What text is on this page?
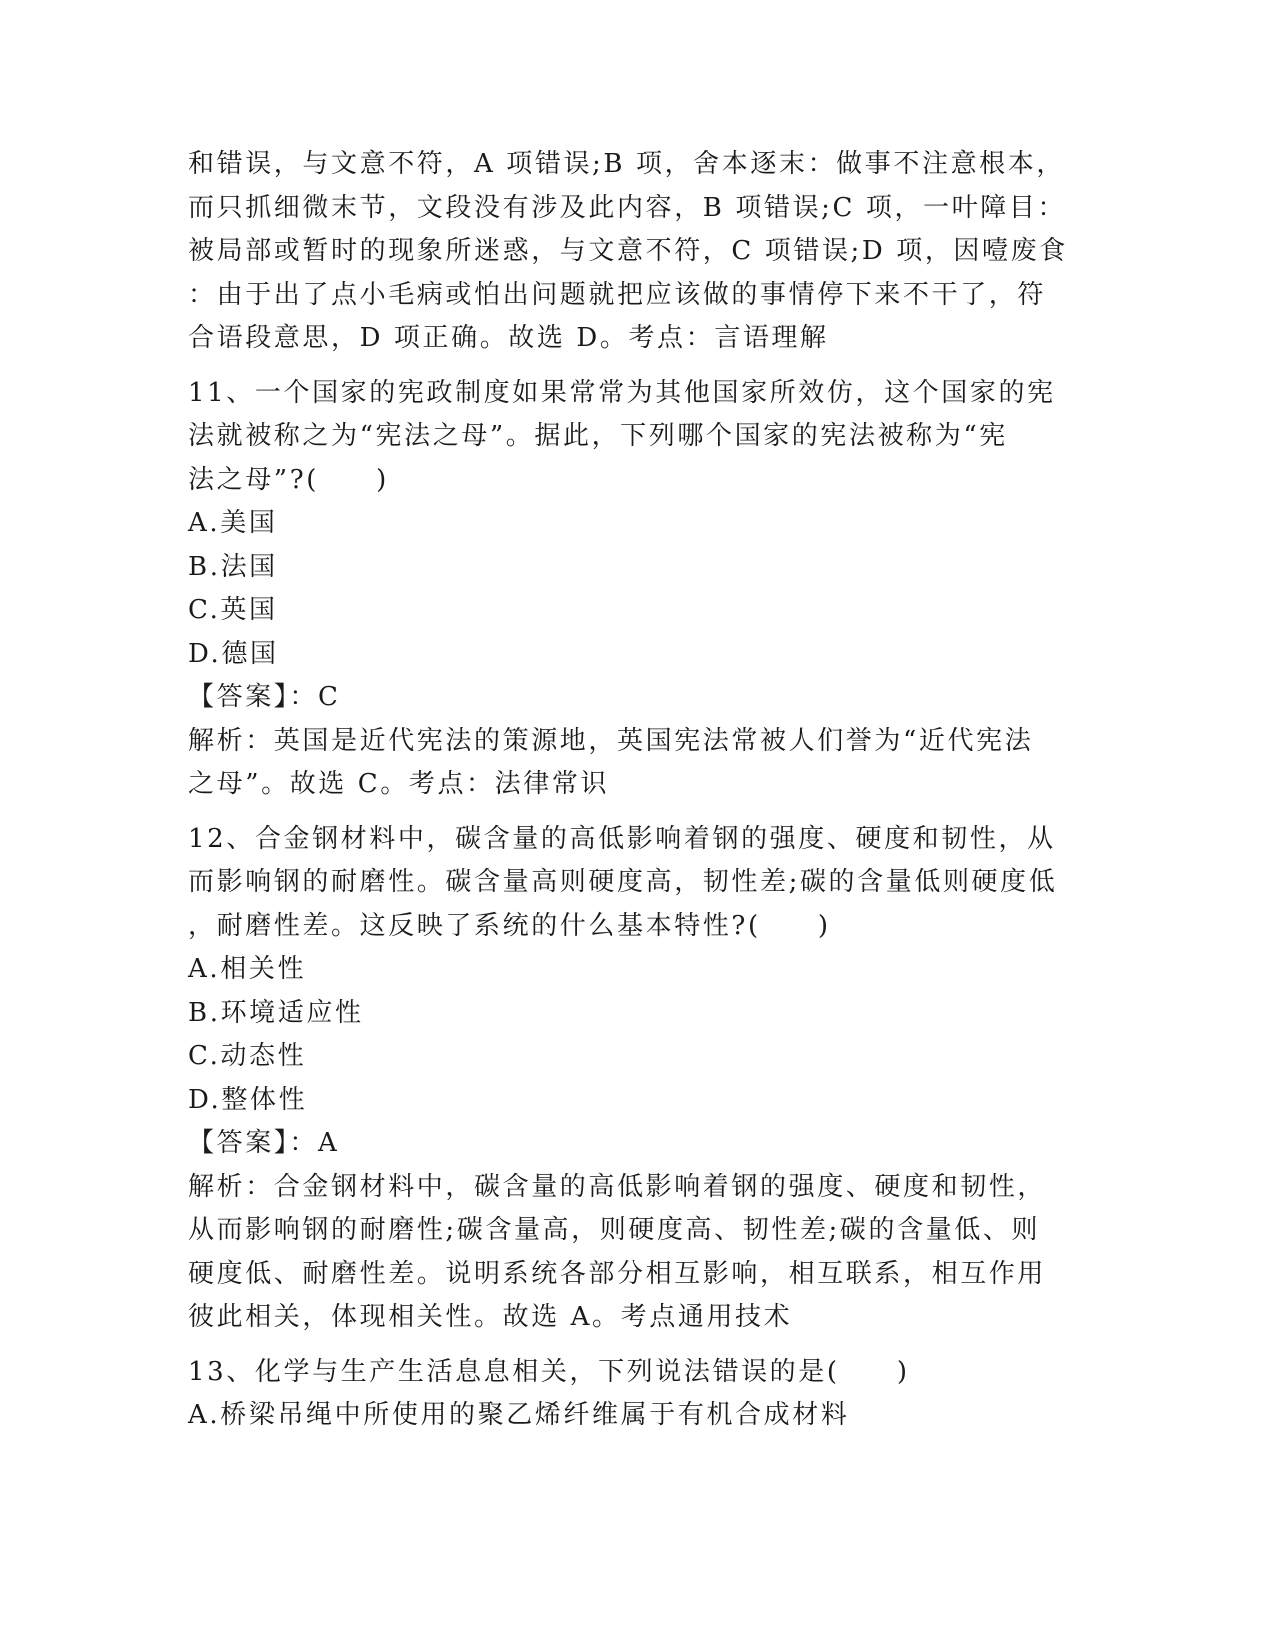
和错误，与文意不符，A 项错误;B 项，舍本逐末：做事不注意根本，
而只抓细微末节，文段没有涉及此内容，B 项错误;C 项，一叶障目：
被局部或暂时的现象所迷惑，与文意不符，C 项错误;D 项，因噎废食
：由于出了点小毛病或怕出问题就把应该做的事情停下来不干了，符
合语段意思，D 项正确。故选 D。考点：言语理解
11、一个国家的宪政制度如果常常为其他国家所效仿，这个国家的宪
法就被称之为“宪法之母”。据此，下列哪个国家的宪法被称为“宪
法之母”?(　　)
A.美国
B.法国
C.英国
D.德国
【答案】：C
解析：英国是近代宪法的策源地，英国宪法常被人们誉为“近代宪法
之母”。故选 C。考点：法律常识
12、合金钢材料中，碳含量的高低影响着钢的强度、硬度和韧性，从
而影响钢的耐磨性。碳含量高则硬度高，韧性差;碳的含量低则硬度低
，耐磨性差。这反映了系统的什么基本特性?(　　)
A.相关性
B.环境适应性
C.动态性
D.整体性
【答案】：A
解析：合金钢材料中，碳含量的高低影响着钢的强度、硬度和韧性，
从而影响钢的耐磨性;碳含量高，则硬度高、韧性差;碳的含量低、则
硬度低、耐磨性差。说明系统各部分相互影响，相互联系，相互作用
彼此相关，体现相关性。故选 A。考点通用技术
13、化学与生产生活息息相关，下列说法错误的是(　　)
A.桥梁吊绳中所使用的聚乙烯纤维属于有机合成材料
